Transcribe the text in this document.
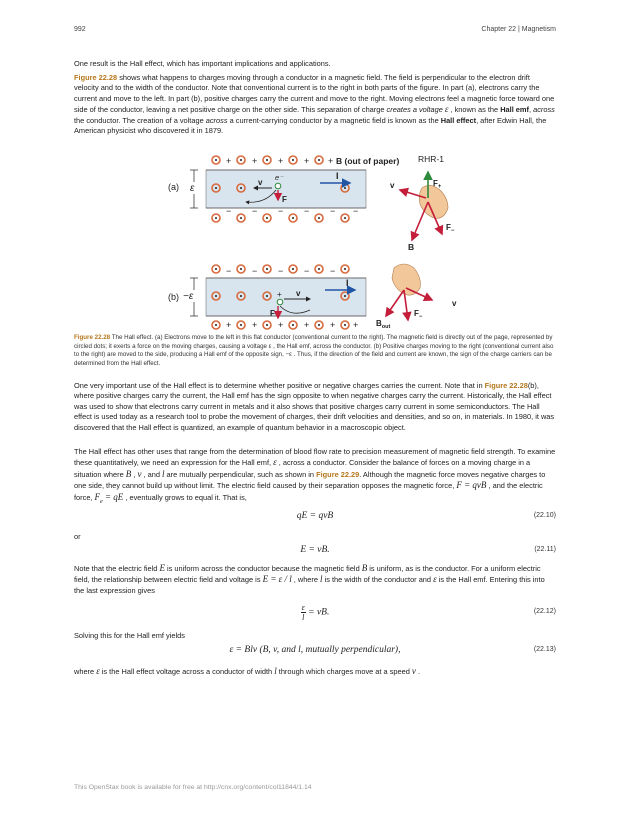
992	Chapter 22 | Magnetism

One result is the Hall effect, which has important implications and applications.

Figure 22.28 shows what happens to charges moving through a conductor in a magnetic field. The field is perpendicular to the electron drift velocity and to the width of the conductor. Note that conventional current is to the right in both parts of the figure. In part (a), electrons carry the current and move to the left. In part (b), positive charges carry the current and move to the right. Moving electrons feel a magnetic force toward one side of the conductor, leaving a net positive charge on the other side. This separation of charge creates a voltage ε , known as the Hall emf, across the conductor. The creation of a voltage across a current-carrying conductor by a magnetic field is known as the Hall effect, after Edwin Hall, the American physicist who discovered it in 1879.

(a)
+ + + + +
− − − − − −
B (out of paper)
ε
v
e⁻
F
I
RHR-1
$F_+$
v
B
$F_-$
(b)
− − − − −
+ + + + + +
−ε	+ v
F
I
v
$F_-$
$B_{out}$

Figure 22.28 The Hall effect. (a) Electrons move to the left in this flat conductor (conventional current to the right). The magnetic field is directly out of the page, represented by circled dots; it exerts a force on the moving charges, causing a voltage ε , the Hall emf, across the conductor. (b) Positive charges moving to the right (conventional current also to the right) are moved to the side, producing a Hall emf of the opposite sign, −ε . Thus, if the direction of the field and current are known, the sign of the charge carriers can be determined from the Hall effect.

One very important use of the Hall effect is to determine whether positive or negative charges carries the current. Note that in Figure 22.28(b), where positive charges carry the current, the Hall emf has the sign opposite to when negative charges carry the current. Historically, the Hall effect was used to show that electrons carry current in metals and it also shows that positive charges carry current in some semiconductors. The Hall effect is used today as a research tool to probe the movement of charges, their drift velocities and densities, and so on, in materials. In 1980, it was discovered that the Hall effect is quantized, an example of quantum behavior in a macroscopic object.

The Hall effect has other uses that range from the determination of blood flow rate to precision measurement of magnetic field strength. To examine these quantitatively, we need an expression for the Hall emf, ε , across a conductor. Consider the balance of forces on a moving charge in a situation where B , v , and l are mutually perpendicular, such as shown in Figure 22.29. Although the magnetic force moves negative charges to one side, they cannot build up without limit. The electric field caused by their separation opposes the magnetic force, F = qvB , and the electric force, $F_e$ = qE , eventually grows to equal it. That is,

qE = qvB	(22.10)

or

E = vB.	(22.11)

Note that the electric field E is uniform across the conductor because the magnetic field B is uniform, as is the conductor. For a uniform electric field, the relationship between electric field and voltage is E = ε / l , where l is the width of the conductor and ε is the Hall emf. Entering this into the last expression gives

$\frac{\varepsilon}{l}$ = vB.	(22.12)

Solving this for the Hall emf yields

ε = Blv (B, v, and l, mutually perpendicular),	(22.13)

where ε is the Hall effect voltage across a conductor of width l through which charges move at a speed v .

This OpenStax book is available for free at http://cnx.org/content/col11844/1.14
